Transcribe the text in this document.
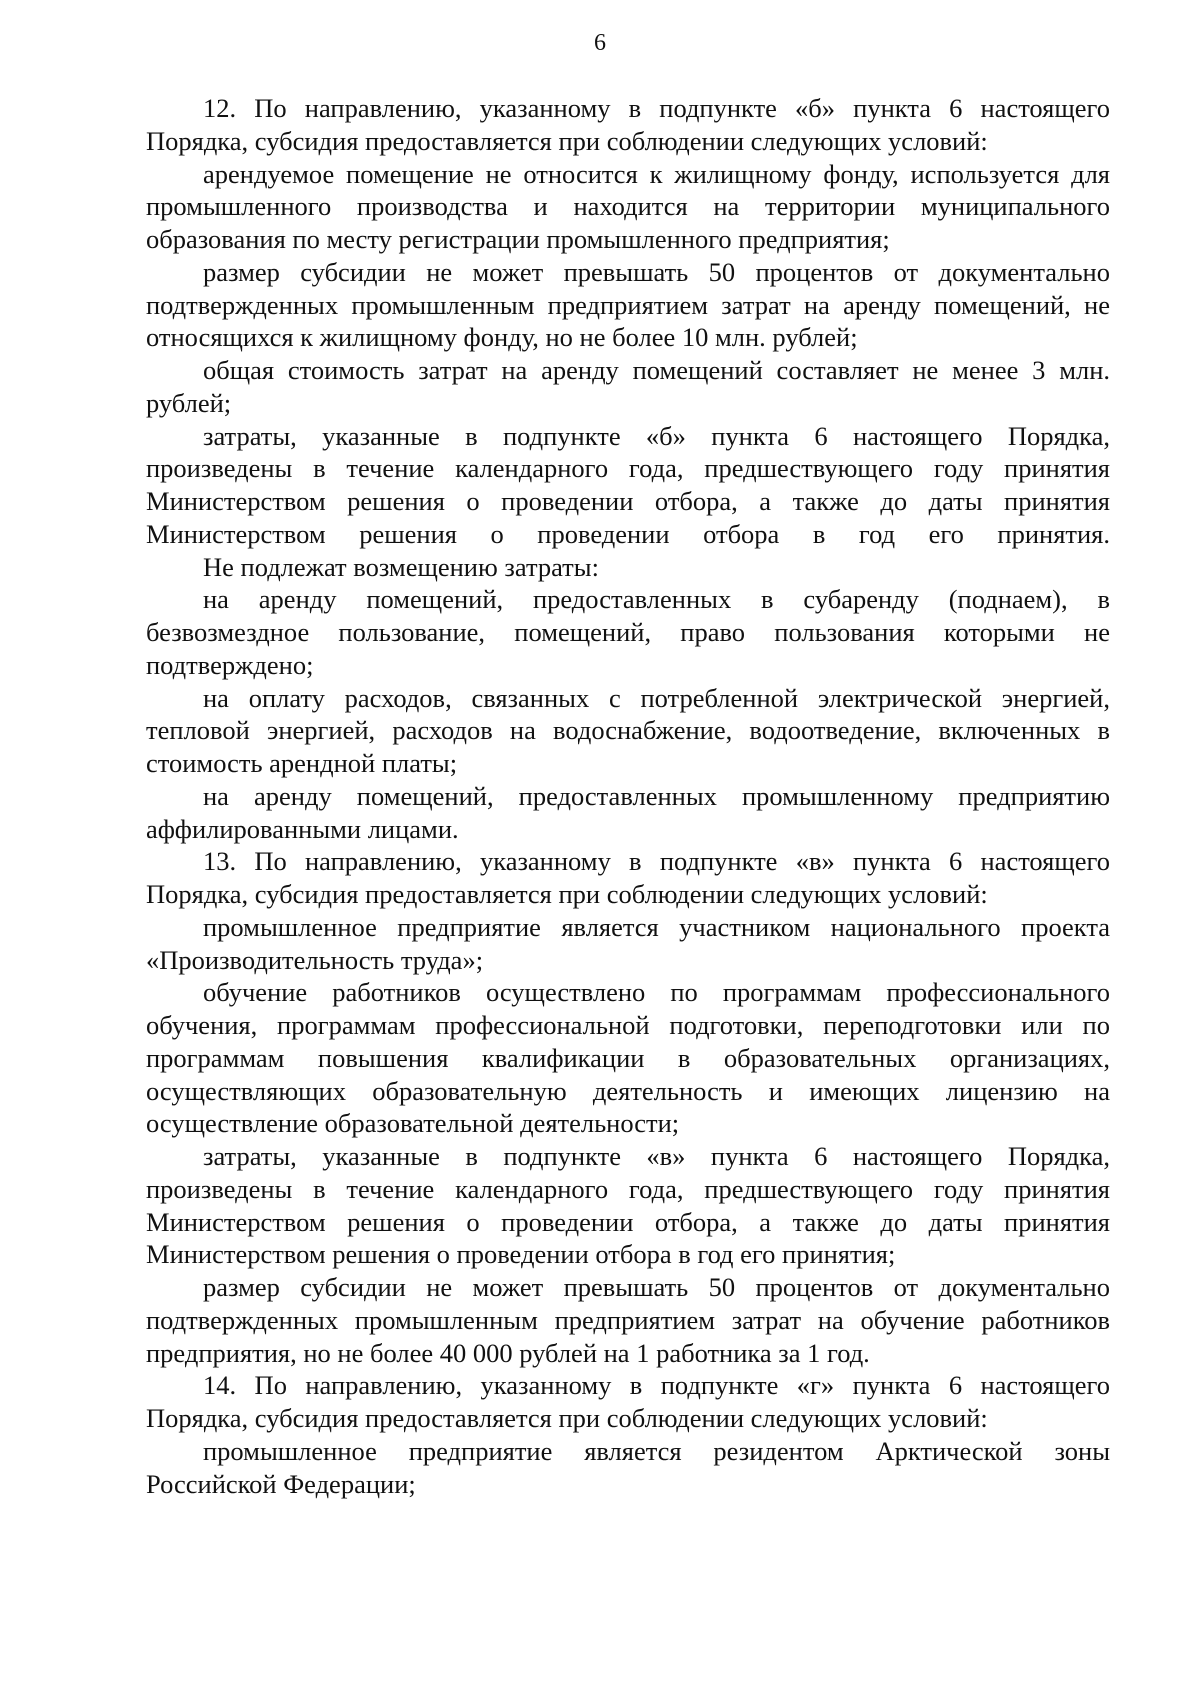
6

12. По направлению, указанному в подпункте «б» пункта 6 настоящего Порядка, субсидия предоставляется при соблюдении следующих условий:

арендуемое помещение не относится к жилищному фонду, используется для промышленного производства и находится на территории муниципального образования по месту регистрации промышленного предприятия;

размер субсидии не может превышать 50 процентов от документально подтвержденных промышленным предприятием затрат на аренду помещений, не относящихся к жилищному фонду, но не более 10 млн. рублей;

общая стоимость затрат на аренду помещений составляет не менее 3 млн. рублей;

затраты, указанные в подпункте «б» пункта 6 настоящего Порядка, произведены в течение календарного года, предшествующего году принятия Министерством решения о проведении отбора, а также до даты принятия Министерством решения о проведении отбора в год его принятия.

Не подлежат возмещению затраты:

на аренду помещений, предоставленных в субаренду (поднаем), в безвозмездное пользование, помещений, право пользования которыми не подтверждено;

на оплату расходов, связанных с потребленной электрической энергией, тепловой энергией, расходов на водоснабжение, водоотведение, включенных в стоимость арендной платы;

на аренду помещений, предоставленных промышленному предприятию аффилированными лицами.

13. По направлению, указанному в подпункте «в» пункта 6 настоящего Порядка, субсидия предоставляется при соблюдении следующих условий:

промышленное предприятие является участником национального проекта «Производительность труда»;

обучение работников осуществлено по программам профессионального обучения, программам профессиональной подготовки, переподготовки или по программам повышения квалификации в образовательных организациях, осуществляющих образовательную деятельность и имеющих лицензию на осуществление образовательной деятельности;

затраты, указанные в подпункте «в» пункта 6 настоящего Порядка, произведены в течение календарного года, предшествующего году принятия Министерством решения о проведении отбора, а также до даты принятия Министерством решения о проведении отбора в год его принятия;

размер субсидии не может превышать 50 процентов от документально подтвержденных промышленным предприятием затрат на обучение работников предприятия, но не более 40 000 рублей на 1 работника за 1 год.

14. По направлению, указанному в подпункте «г» пункта 6 настоящего Порядка, субсидия предоставляется при соблюдении следующих условий:

промышленное предприятие является резидентом Арктической зоны Российской Федерации;
